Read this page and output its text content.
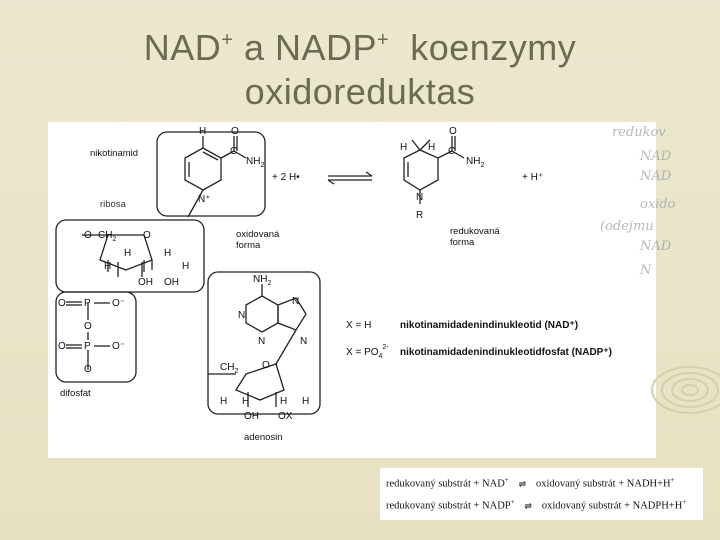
NAD+ a NADP+  koenzymy
oxidoreduktas
nikotinamid
ribosa
oxidovaná
forma
redukovaná
forma
difosfat
adenosin
+ 2 H•	+ H⁺
X = H
$X = PO_4^{2-}$
nikotinamidadenindinukleotid (NAD⁺)
nikotinamidadenindinukleotidfosfat (NADP⁺)
H O
C
$NH_2$
N⁺
O $CH_2$	O
H
H	H
H
OH OH
O P O⁻
O
O P O⁻
O
$NH_2$
N
N
N	N
$CH_2$
O
H	H
H	H
OH OX
H H
O
C
$NH_2$
N
R
redukov
NAD
NAD
oxido
(odejmu
NAD
N
redukovaný substrát + NAD+ ⇌ oxidovaný substrát + NADH+H+
redukovaný substrát + NADP+ ⇌ oxidovaný substrát + NADPH+H+
